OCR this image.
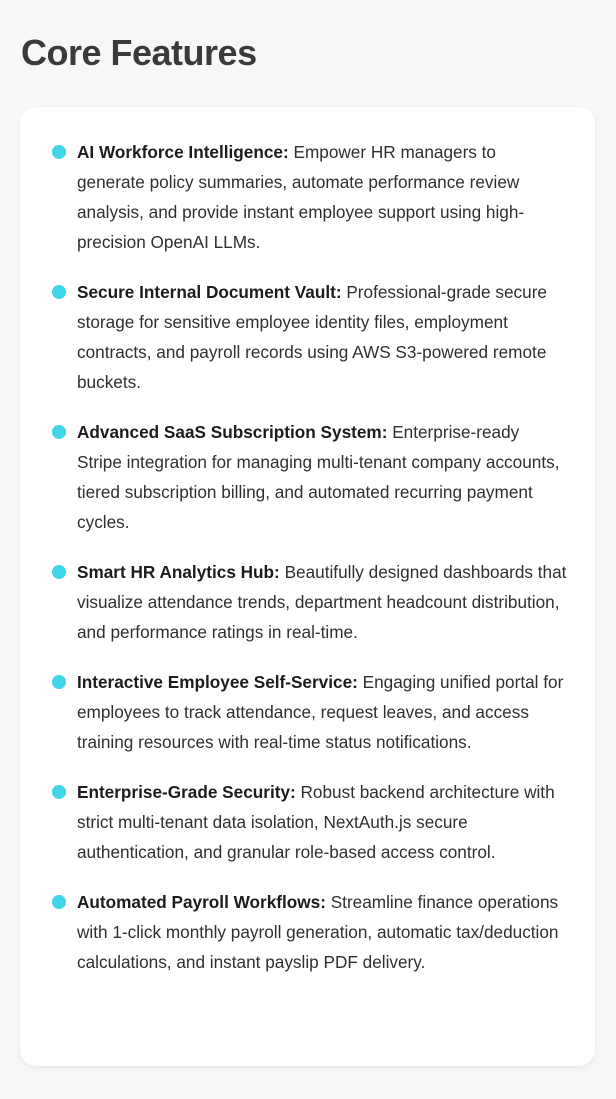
Core Features
AI Workforce Intelligence: Empower HR managers to generate policy summaries, automate performance review analysis, and provide instant employee support using high-precision OpenAI LLMs.
Secure Internal Document Vault: Professional-grade secure storage for sensitive employee identity files, employment contracts, and payroll records using AWS S3-powered remote buckets.
Advanced SaaS Subscription System: Enterprise-ready Stripe integration for managing multi-tenant company accounts, tiered subscription billing, and automated recurring payment cycles.
Smart HR Analytics Hub: Beautifully designed dashboards that visualize attendance trends, department headcount distribution, and performance ratings in real-time.
Interactive Employee Self-Service: Engaging unified portal for employees to track attendance, request leaves, and access training resources with real-time status notifications.
Enterprise-Grade Security: Robust backend architecture with strict multi-tenant data isolation, NextAuth.js secure authentication, and granular role-based access control.
Automated Payroll Workflows: Streamline finance operations with 1-click monthly payroll generation, automatic tax/deduction calculations, and instant payslip PDF delivery.
